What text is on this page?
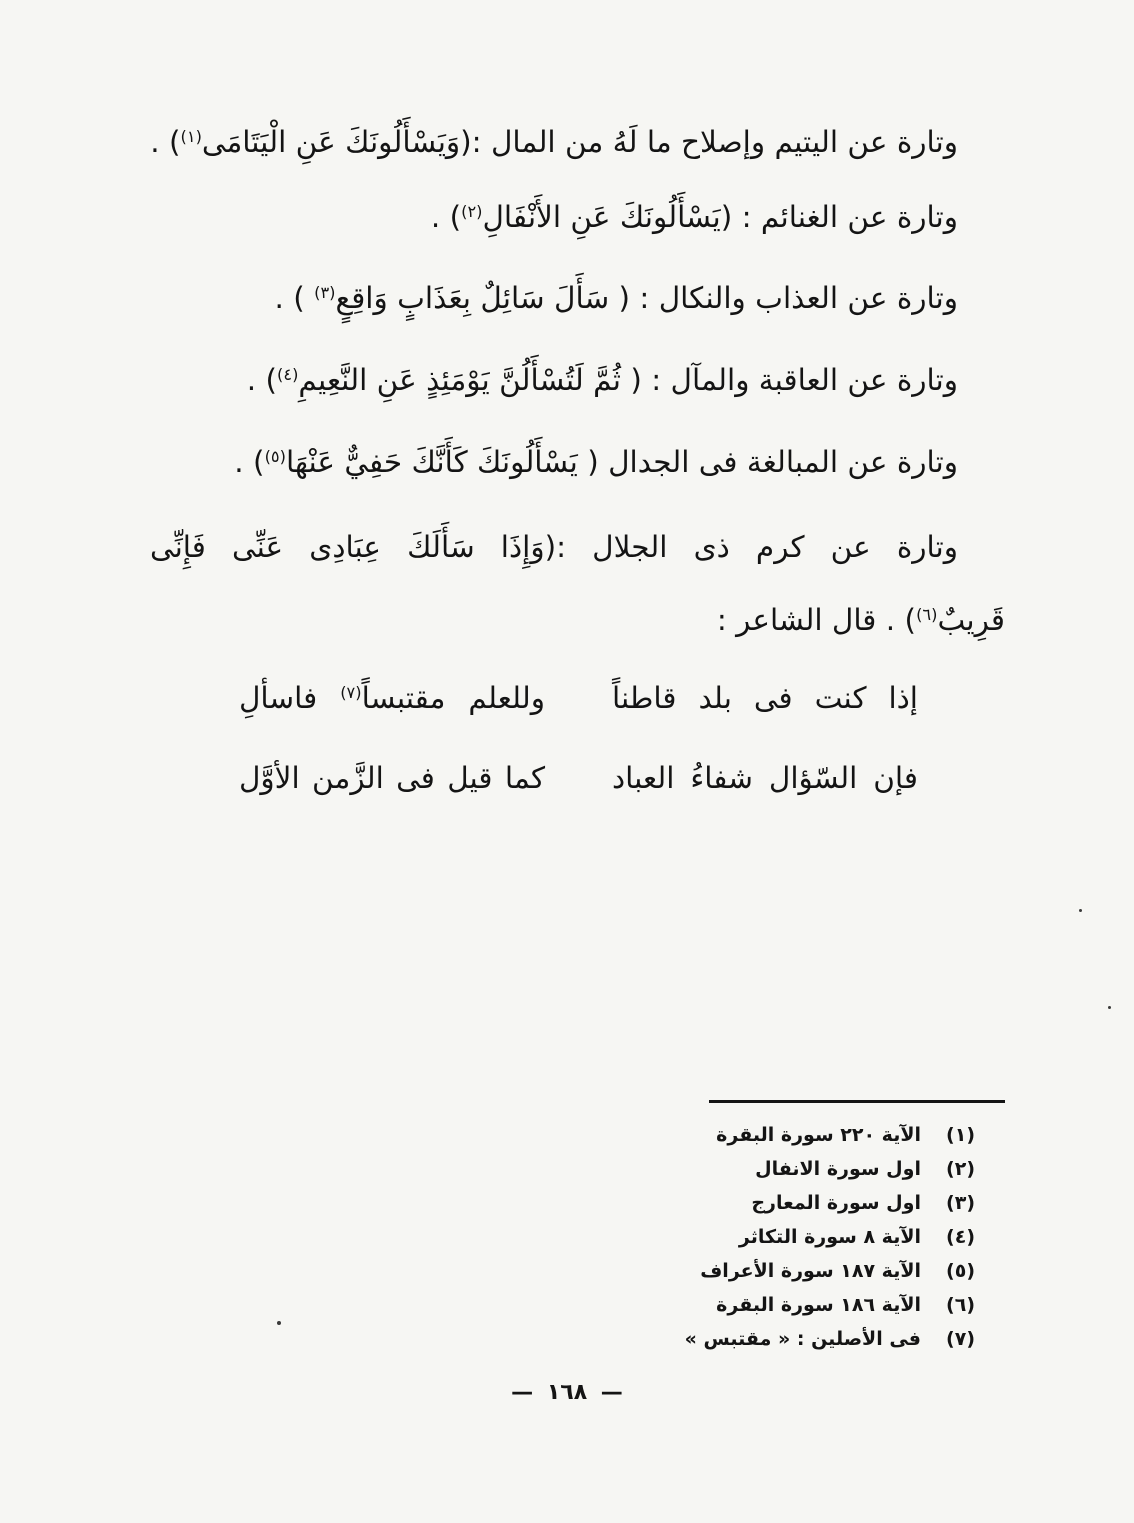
وتارة عن اليتيم وإصلاح ما لَهُ من المال :(وَيَسْأَلُونَكَ عَنِ الْيَتَامَى$^{(١)}$) .

وتارة عن الغنائم : (يَسْأَلُونَكَ عَنِ الأَنْفَالِ$^{(٢)}$) .

وتارة عن العذاب والنكال : ( سَأَلَ سَائِلٌ بِعَذَابٍ وَاقِعٍ$^{(٣)}$ ) .

وتارة عن العاقبة والمآل : ( ثُمَّ لَتُسْأَلُنَّ يَوْمَئِذٍ عَنِ النَّعِيمِ$^{(٤)}$) .

وتارة عن المبالغة فى الجدال ( يَسْأَلُونَكَ كَأَنَّكَ حَفِيٌّ عَنْهَا$^{(٥)}$) .

وتارة عن كرم ذى الجلال :(وَإِذَا سَأَلَكَ عِبَادِى عَنِّى فَإِنِّى

قَرِيبٌ$^{(٦)}$) . قال الشاعر :

إذا كنت فى بلد قاطناً

وللعلم مقتبساً$^{(٧)}$ فاسألِ

فإن السّؤال شفاءُ العباد

كما قيل فى الزَّمن الأوَّل

(١)
الآية ٢٢٠ سورة البقرة
(٢)
اول سورة الانفال
(٣)
اول سورة المعارج
(٤)
الآية ٨ سورة التكاثر
(٥)
الآية ١٨٧ سورة الأعراف
(٦)
الآية ١٨٦ سورة البقرة
(٧)
فى الأصلين : « مقتبس »
— ١٦٨ —
